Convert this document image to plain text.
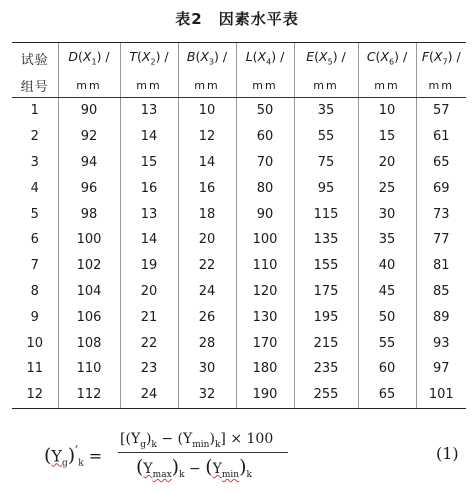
表2　因素水平表
试验	$D(X_1)$ /	$T(X_2)$ /	$B(X_3)$ /	$L(X_4)$ /	$E(X_5)$ /	$C(X_6)$ /	$F(X_7)$ /
组号	mm	mm	mm	mm	mm	mm	mm
1	90	13	10	50	35	10	57
2	92	14	12	60	55	15	61
3	94	15	14	70	75	20	65
4	96	16	16	80	95	25	69
5	98	13	18	90	115	30	73
6	100	14	20	100	135	35	77
7	102	19	22	110	155	40	81
8	104	20	24	120	175	45	85
9	106	21	26	130	195	50	89
10	108	22	28	170	215	55	93
11	110	23	30	180	235	60	97
12	112	24	32	190	255	65	101
$(Y_g)'_k$ =
$[(Y_g)_k - (Y_{min})_k] \times 100$
$(Y_{max})_k - (Y_{min})_k$
(1)
